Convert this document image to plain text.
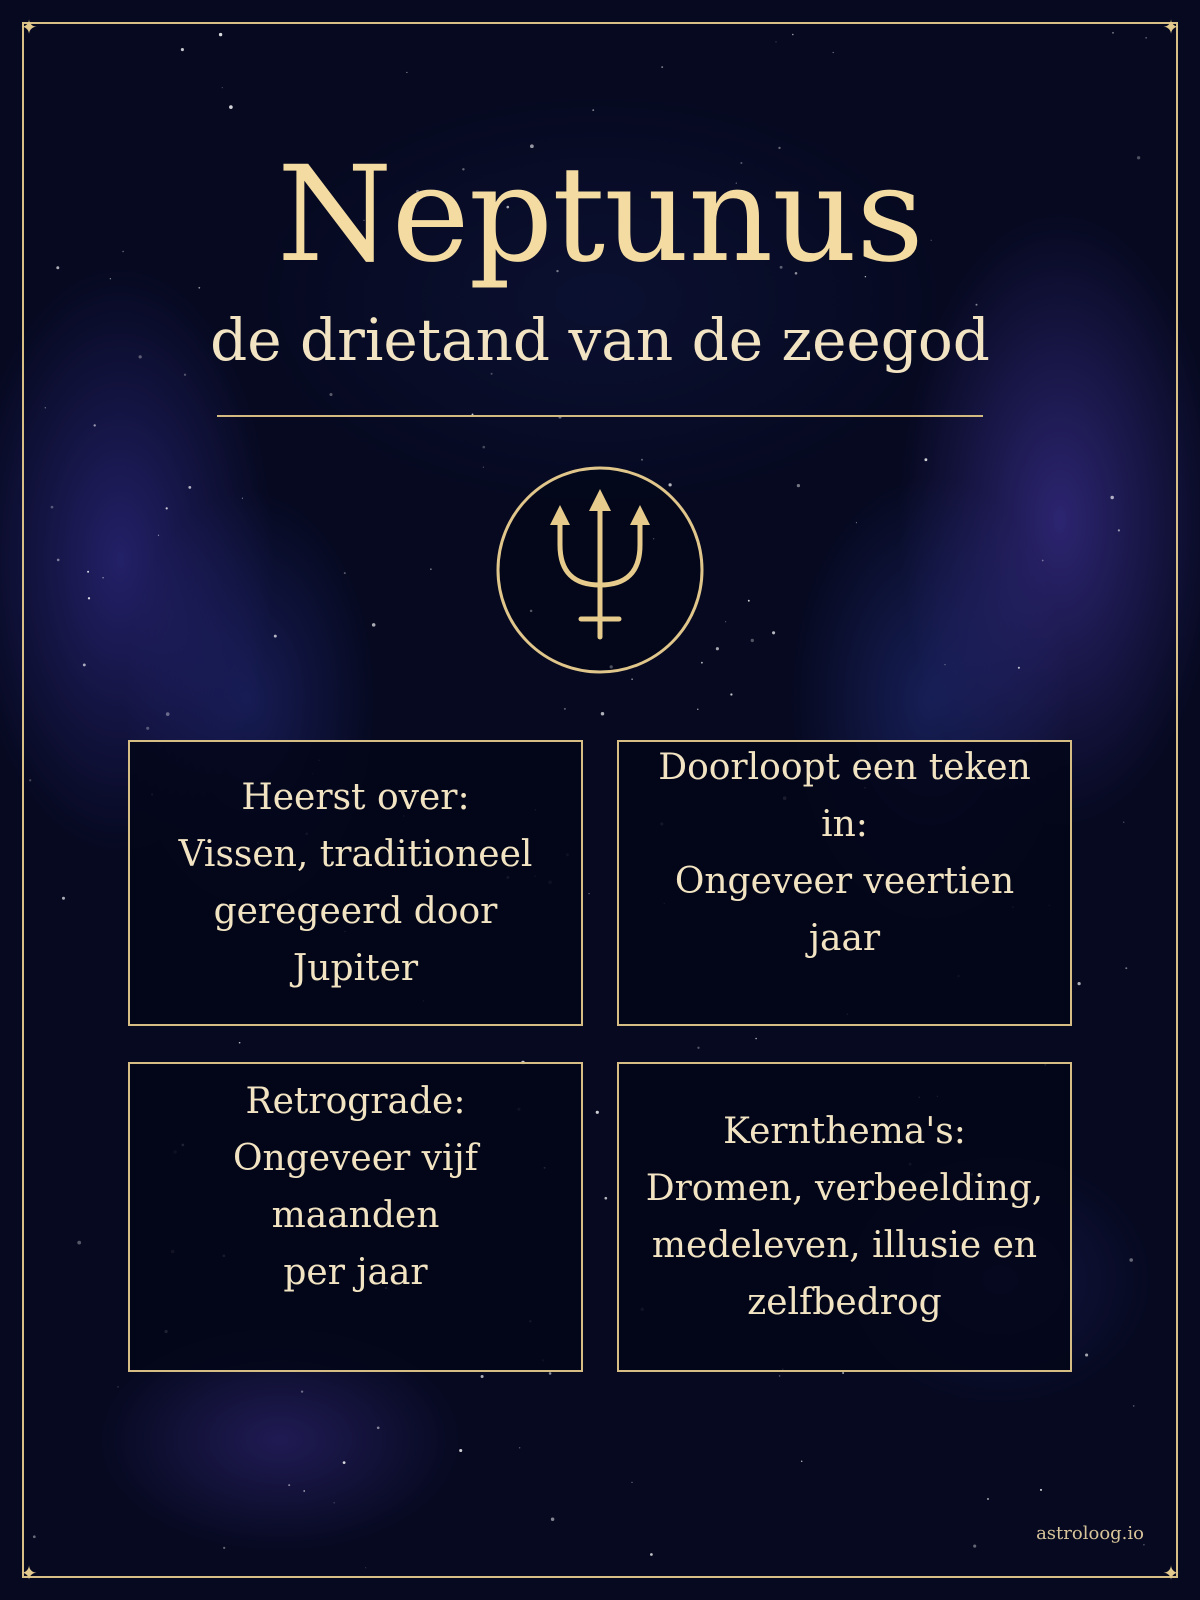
✦	✦
✦	✦
Neptunus
de drietand van de zeegod
Heerst over:
Vissen, traditioneel
geregeerd door Jupiter
Doorloopt een teken in:
Ongeveer veertien jaar
Retrograde:
Ongeveer vijf maanden
per jaar
Kernthema's:
Dromen, verbeelding,
medeleven, illusie en
zelfbedrog
astroloog.io
